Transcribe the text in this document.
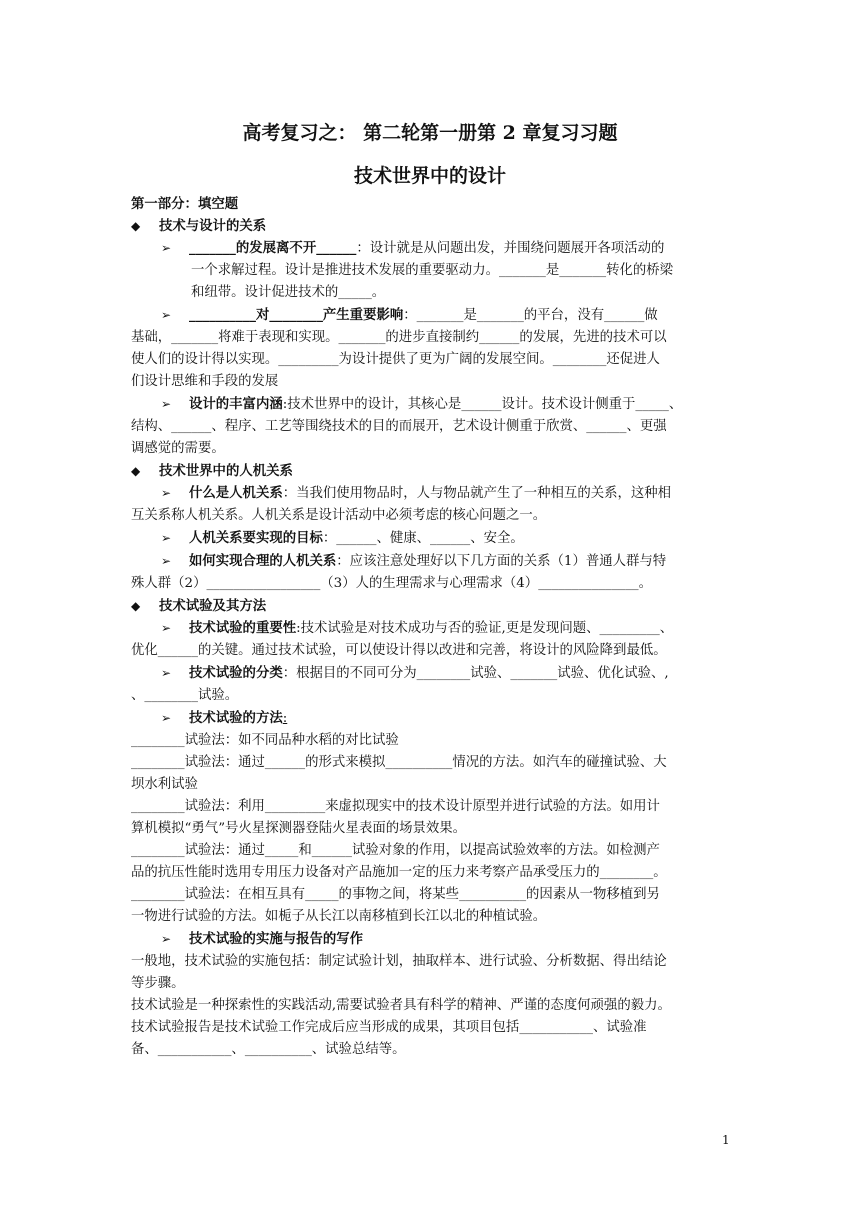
高考复习之： 第二轮第一册第 2 章复习习题
技术世界中的设计

第一部分：填空题

◆ 技术与设计的关系

➢ _______的发展离不开______：设计就是从问题出发，并围绕问题展开各项活动的

一个求解过程。设计是推进技术发展的重要驱动力。_______是_______转化的桥梁

和纽带。设计促进技术的_____。

➢ __________对________产生重要影响：_______是_______的平台，没有______做

基础，_______将难于表现和实现。_______的进步直接制约______的发展，先进的技术可以

使人们的设计得以实现。_________为设计提供了更为广阔的发展空间。________还促进人

们设计思维和手段的发展

➢ 设计的丰富内涵:技术世界中的设计，其核心是______设计。技术设计侧重于_____、

结构、______、程序、工艺等围绕技术的目的而展开，艺术设计侧重于欣赏、______、更强

调感觉的需要。

◆ 技术世界中的人机关系

➢ 什么是人机关系：当我们使用物品时，人与物品就产生了一种相互的关系，这种相

互关系称人机关系。人机关系是设计活动中必须考虑的核心问题之一。

➢ 人机关系要实现的目标：______、健康、______、安全。

➢ 如何实现合理的人机关系：应该注意处理好以下几方面的关系（1）普通人群与特

殊人群（2）_________________（3）人的生理需求与心理需求（4）_______________。

◆ 技术试验及其方法

➢ 技术试验的重要性:技术试验是对技术成功与否的验证,更是发现问题、_________、

优化______的关键。通过技术试验，可以使设计得以改进和完善，将设计的风险降到最低。

➢ 技术试验的分类：根据目的不同可分为________试验、_______试验、优化试验、,

、________试验。

➢ 技术试验的方法:

________试验法：如不同品种水稻的对比试验

________试验法：通过______的形式来模拟__________情况的方法。如汽车的碰撞试验、大

坝水利试验

________试验法：利用_________来虚拟现实中的技术设计原型并进行试验的方法。如用计

算机模拟“勇气”号火星探测器登陆火星表面的场景效果。

________试验法：通过_____和______试验对象的作用，以提高试验效率的方法。如检测产

品的抗压性能时选用专用压力设备对产品施加一定的压力来考察产品承受压力的________。

________试验法：在相互具有_____的事物之间，将某些__________的因素从一物移植到另

一物进行试验的方法。如栀子从长江以南移植到长江以北的种植试验。

➢ 技术试验的实施与报告的写作

一般地，技术试验的实施包括：制定试验计划，抽取样本、进行试验、分析数据、得出结论

等步骤。

技术试验是一种探索性的实践活动,需要试验者具有科学的精神、严谨的态度何顽强的毅力。

技术试验报告是技术试验工作完成后应当形成的成果，其项目包括___________、试验准

备、___________、__________、试验总结等。

1
